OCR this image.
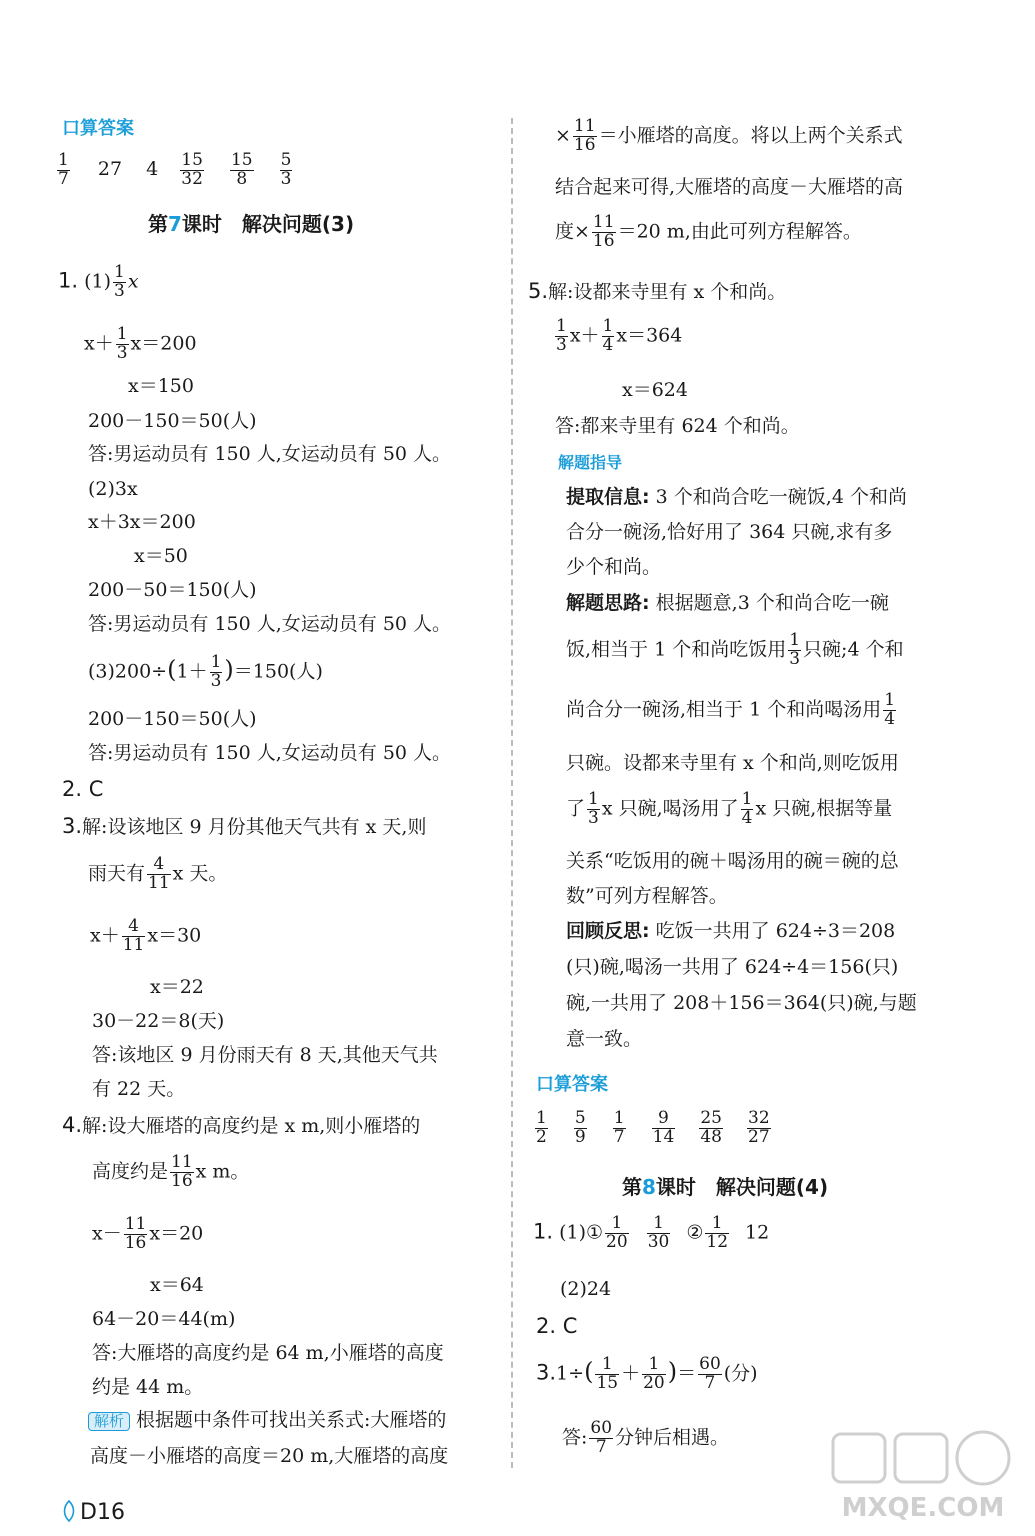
口算答案
$\frac{1}{7} 27$ $4 \frac{15}{32}$
$\frac{15}{8}$
$\frac{5}{3}$
第7课时　解决问题(3)
1. $(1) \frac{1}{3}$ x
$x+ \frac{1}{3} x=200$
x＝150
200－150＝50(人)
答:男运动员有 150 人,女运动员有 50 人。
(2)3x
x＋3x＝200
x＝50
200－50＝150(人)
答:男运动员有 150 人,女运动员有 50 人。
$(3)200\div(1+ \frac{1}{3} )=150$(人)
200－150＝50(人)
答:男运动员有 150 人,女运动员有 50 人。
2. C
3.解:设该地区 9 月份其他天气共有 x 天,则
雨天有 $\frac{4}{11}$ x 天。
$x+ \frac{4}{11} x=30$
x＝22
30－22＝8(天)
答:该地区 9 月份雨天有 8 天,其他天气共
有 22 天。
4.解:设大雁塔的高度约是 x m,则小雁塔的
高度约是 $\frac{11}{16}$ x m。
$x- \frac{11}{16} x=20$
x＝64
64－20＝44(m)
答:大雁塔的高度约是 64 m,小雁塔的高度
约是 44 m。
解析 根据题中条件可找出关系式:大雁塔的
高度－小雁塔的高度＝20 m,大雁塔的高度
× $\frac{11}{16}$ ＝小雁塔的高度。将以上两个关系式
结合起来可得,大雁塔的高度－大雁塔的高
度× $\frac{11}{16} =20$ m,由此可列方程解答。
5.解:设都来寺里有 x 个和尚。
$\frac{1}{3} x+ \frac{1}{4} x=364$
x＝624
答:都来寺里有 624 个和尚。
解题指导
提取信息: 3 个和尚合吃一碗饭,4 个和尚
合分一碗汤,恰好用了 364 只碗,求有多
少个和尚。
解题思路: 根据题意,3 个和尚合吃一碗
饭,相当于 1 个和尚吃饭用 $\frac{1}{3}$ 只碗;4 个和
尚合分一碗汤,相当于 1 个和尚喝汤用 $\frac{1}{4}$
只碗。设都来寺里有 x 个和尚,则吃饭用
了 $\frac{1}{3}$ x 只碗,喝汤用了 $\frac{1}{4}$ x 只碗,根据等量
关系“吃饭用的碗＋喝汤用的碗＝碗的总
数”可列方程解答。
回顾反思: 吃饭一共用了 624÷3＝208
(只)碗,喝汤一共用了 624÷4＝156(只)
碗,一共用了 208＋156＝364(只)碗,与题
意一致。
口算答案
$\frac{1}{2}$
$\frac{5}{9}$
$\frac{1}{7}$
$\frac{9}{14}$
$\frac{25}{48}$
$\frac{32}{27}$
第8课时　解决问题(4)
1. (1)① $\frac{1}{20} \frac{1}{30}$ ② $\frac{1}{12} 12$
(2)24
2. C
$3.1\div( \frac{1}{15} + \frac{1}{20}$ )＝ $\frac{60}{7}$ (分)
答: $\frac{60}{7}$ 分钟后相遇。
D16	MXQE.COM
